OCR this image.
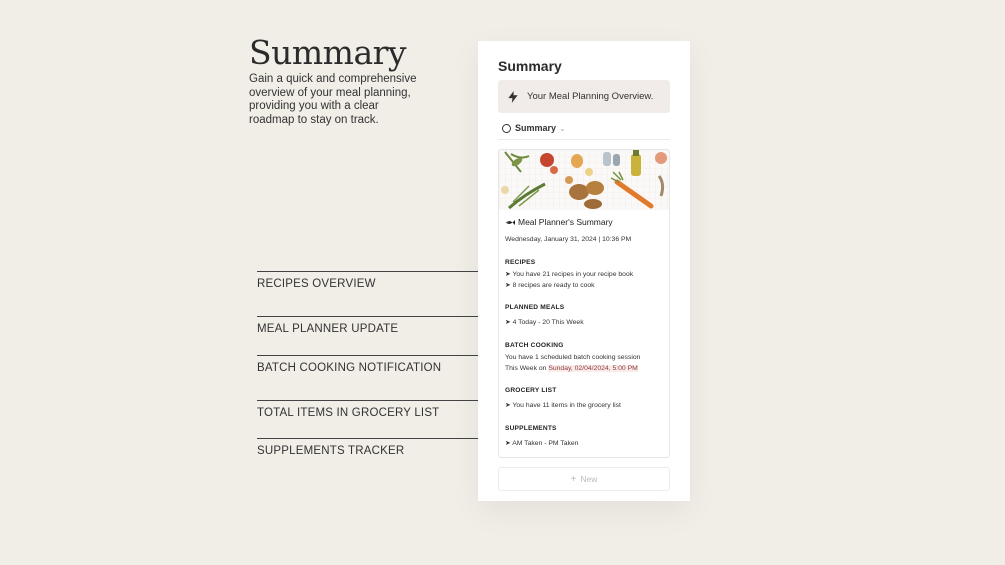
Summary

Gain a quick and comprehensive overview of your meal planning, providing you with a clear roadmap to stay on track.

RECIPES OVERVIEW
MEAL PLANNER UPDATE
BATCH COOKING NOTIFICATION
TOTAL ITEMS IN GROCERY LIST
SUPPLEMENTS TRACKER
Summary
Your Meal Planning Overview.
Summary ⌄
Meal Planner's Summary
Wednesday, January 31, 2024 | 10:36 PM
RECIPES
➤ You have 21 recipes in your recipe book
➤ 8 recipes are ready to cook
PLANNED MEALS
➤ 4 Today - 20 This Week
BATCH COOKING
You have 1 scheduled batch cooking session
This Week on Sunday, 02/04/2024, 5:00 PM
GROCERY LIST
➤ You have 11 items in the grocery list
SUPPLEMENTS
➤ AM Taken - PM Taken
+ New
